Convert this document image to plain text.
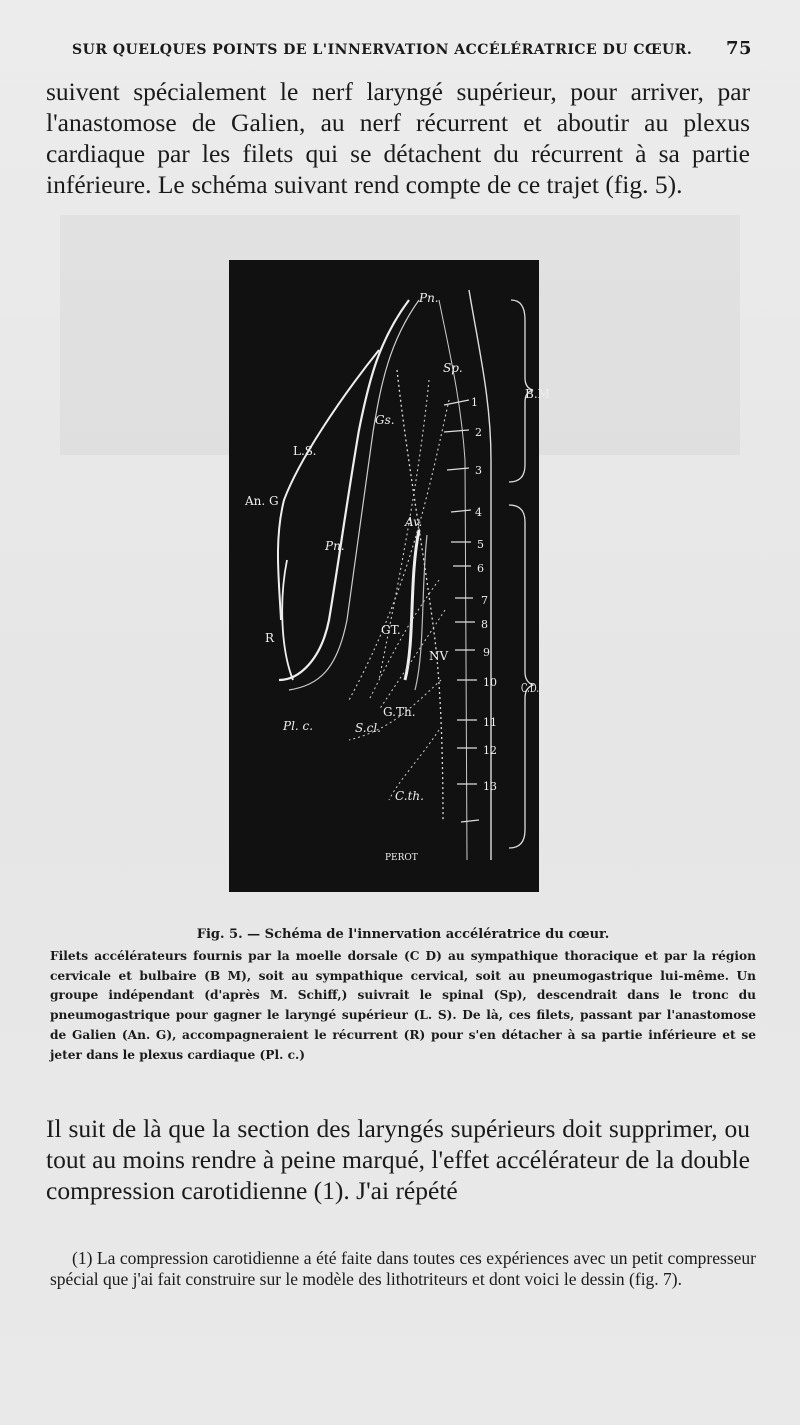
SUR QUELQUES POINTS DE L'INNERVATION ACCÉLÉRATRICE DU CŒUR. 75
suivent spécialement le nerf laryngé supérieur, pour arriver, par l'anastomose de Galien, au nerf récurrent et aboutir au plexus cardiaque par les filets qui se détachent du récurrent à sa partie inférieure. Le schéma suivant rend compte de ce trajet (fig. 5).
Pn.
Sp.
B.M
Gs.
L.S.
An. G
Av.
Pn.
R
GT.
NV
C.D.
Pl. c.	S.cl.
G.Th.
C.th.
PEROT
1
2
3
4
5
6
7
8
9
10
11
12
13
Fig. 5. — Schéma de l'innervation accélératrice du cœur.
Filets accélérateurs fournis par la moelle dorsale (C D) au sympathique thoracique et par la région cervicale et bulbaire (B M), soit au sympathique cervical, soit au pneumogastrique lui-même. Un groupe indépendant (d'après M. Schiff,) suivrait le spinal (Sp), descendrait dans le tronc du pneumogastrique pour gagner le laryngé supérieur (L. S). De là, ces filets, passant par l'anastomose de Galien (An. G), accompagneraient le récurrent (R) pour s'en détacher à sa partie inférieure et se jeter dans le plexus cardiaque (Pl. c.)
Il suit de là que la section des laryngés supérieurs doit supprimer, ou tout au moins rendre à peine marqué, l'effet accélérateur de la double compression carotidienne (1). J'ai répété
(1) La compression carotidienne a été faite dans toutes ces expériences avec un petit compresseur spécial que j'ai fait construire sur le modèle des lithotriteurs et dont voici le dessin (fig. 7).
